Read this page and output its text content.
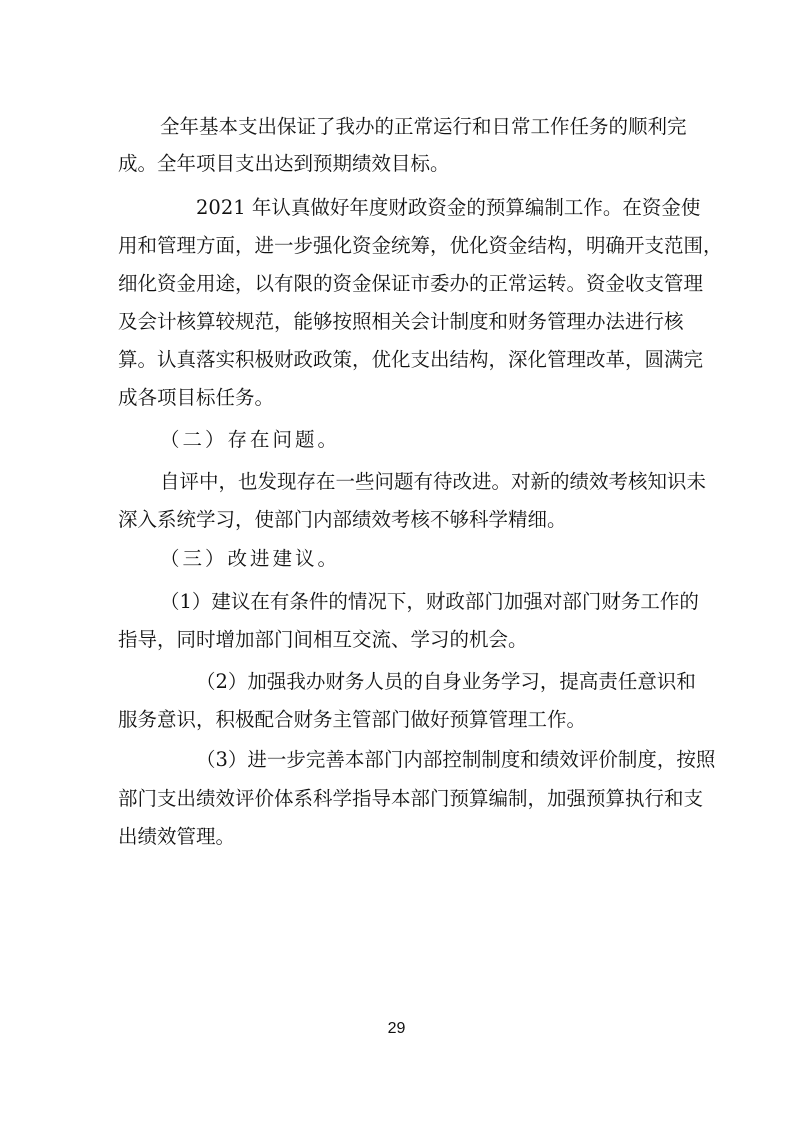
全年基本支出保证了我办的正常运行和日常工作任务的顺利完
成。全年项目支出达到预期绩效目标。
2021 年认真做好年度财政资金的预算编制工作。在资金使
用和管理方面，进一步强化资金统筹，优化资金结构，明确开支范围，
细化资金用途，以有限的资金保证市委办的正常运转。资金收支管理
及会计核算较规范，能够按照相关会计制度和财务管理办法进行核
算。认真落实积极财政政策，优化支出结构，深化管理改革，圆满完
成各项目标任务。
（二）存在问题。
自评中，也发现存在一些问题有待改进。对新的绩效考核知识未
深入系统学习，使部门内部绩效考核不够科学精细。
（三）改进建议。
（1）建议在有条件的情况下，财政部门加强对部门财务工作的
指导，同时增加部门间相互交流、学习的机会。
（2）加强我办财务人员的自身业务学习，提高责任意识和
服务意识，积极配合财务主管部门做好预算管理工作。
（3）进一步完善本部门内部控制制度和绩效评价制度，按照
部门支出绩效评价体系科学指导本部门预算编制，加强预算执行和支
出绩效管理。
29
